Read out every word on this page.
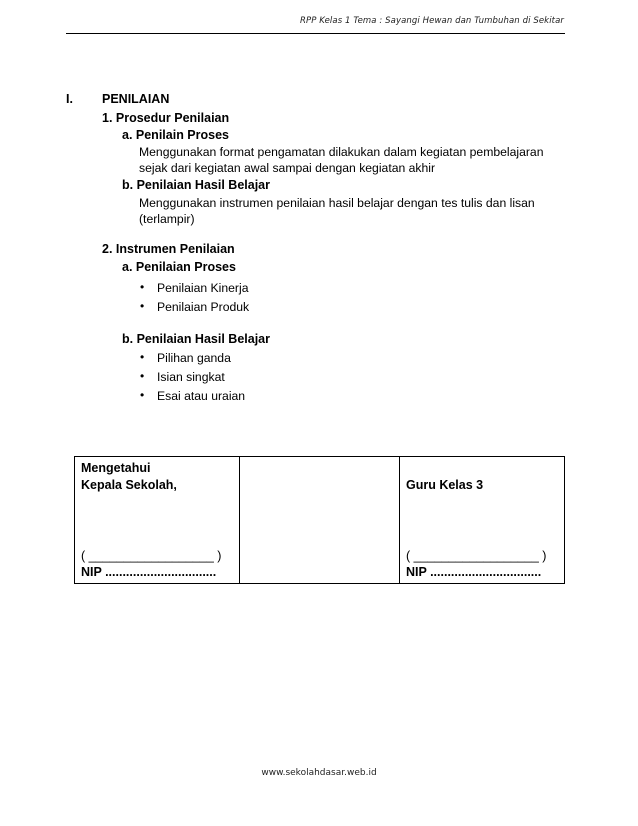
RPP Kelas 1 Tema : Sayangi Hewan dan Tumbuhan di Sekitar
I. PENILAIAN
1. Prosedur Penilaian
a. Penilain Proses
Menggunakan format pengamatan dilakukan dalam kegiatan pembelajaran
sejak dari kegiatan awal sampai dengan kegiatan akhir
b. Penilaian Hasil Belajar
Menggunakan instrumen penilaian hasil belajar dengan tes tulis dan lisan
(terlampir)
2. Instrumen Penilaian
a. Penilaian Proses
• Penilaian Kinerja
• Penilaian Produk
b. Penilaian Hasil Belajar
• Pilihan ganda
• Isian singkat
• Esai atau uraian
Mengetahui
Kepala Sekolah,
( __________________ )
NIP ................................

Guru Kelas 3
( __________________ )
NIP ................................
www.sekolahdasar.web.id
